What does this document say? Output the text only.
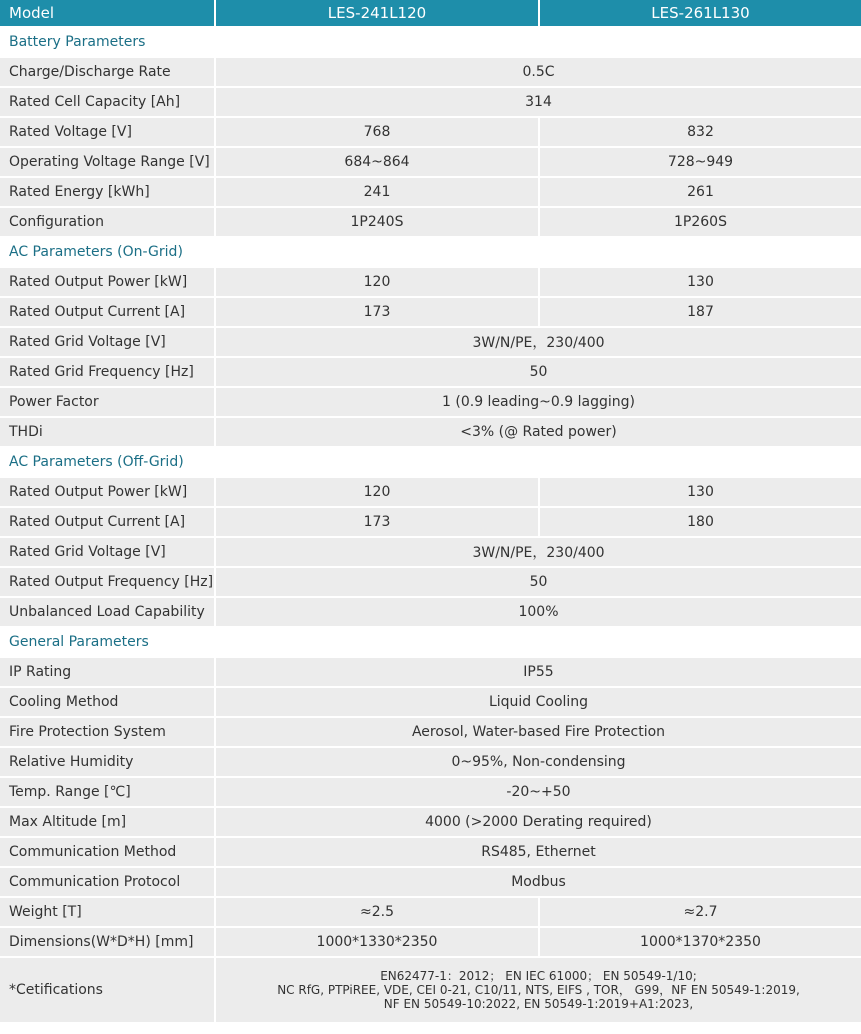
Model	LES-241L120	LES-261L130
Battery Parameters		
Charge/Discharge Rate	0.5C	
Rated Cell Capacity [Ah]	314	
Rated Voltage [V]	768	832
Operating Voltage Range [V]	684~864	728~949
Rated Energy [kWh]	241	261
Configuration	1P240S	1P260S
AC Parameters (On-Grid)		
Rated Output Power [kW]	120	130
Rated Output Current [A]	173	187
Rated Grid Voltage [V]	3W/N/PE，230/400	
Rated Grid Frequency [Hz]	50	
Power Factor	1 (0.9 leading~0.9 lagging)	
THDi	<3% (@ Rated power)	
AC Parameters (Off-Grid)		
Rated Output Power [kW]	120	130
Rated Output Current [A]	173	180
Rated Grid Voltage [V]	3W/N/PE，230/400	
Rated Output Frequency [Hz]	50	
Unbalanced Load Capability	100%	
General Parameters		
IP Rating	IP55	
Cooling Method	Liquid Cooling	
Fire Protection System	Aerosol, Water-based Fire Protection	
Relative Humidity	0~95%, Non-condensing	
Temp. Range [℃]	-20~+50	
Max Altitude [m]	4000 (>2000 Derating required)	
Communication Method	RS485, Ethernet	
Communication Protocol	Modbus	
Weight [T]	≈2.5	≈2.7
Dimensions(W*D*H) [mm]	1000*1330*2350	1000*1370*2350
*Cetifications	EN62477-1：2012； EN IEC 61000； EN 50549-1/10;
NC RfG, PTPiREE, VDE, CEI 0-21, C10/11, NTS, EIFS , TOR， G99，NF EN 50549-1:2019,
NF EN 50549-10:2022, EN 50549-1:2019+A1:2023,	
